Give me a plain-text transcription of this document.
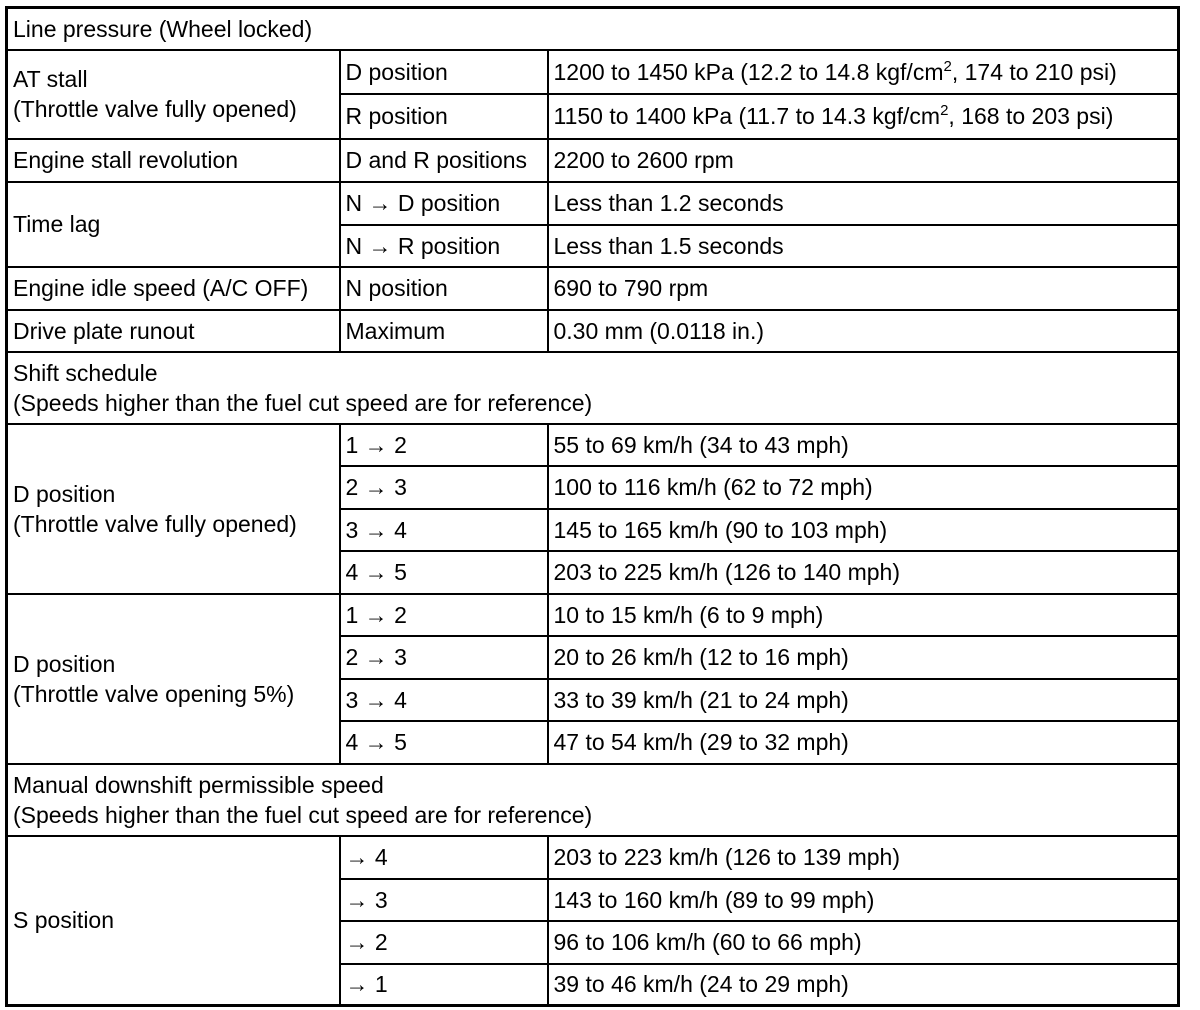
Line pressure (Wheel locked)		

AT stall
(Throttle valve fully opened)	D position	1200 to 1450 kPa (12.2 to 14.8 kgf/$cm^2$, 174 to 210 psi)
	R position	1150 to 1400 kPa (11.7 to 14.3 kgf/$cm^2$, 168 to 203 psi)
Engine stall revolution	D and R positions	2200 to 2600 rpm
Time lag	N → D position	Less than 1.2 seconds
	N → R position	Less than 1.5 seconds
Engine idle speed (A/C OFF)	N position	690 to 790 rpm
Drive plate runout	Maximum	0.30 mm (0.0118 in.)

Shift schedule
(Speeds higher than the fuel cut speed are for reference)		

D position
(Throttle valve fully opened)	1 → 2	55 to 69 km/h (34 to 43 mph)
	2 → 3	100 to 116 km/h (62 to 72 mph)
	3 → 4	145 to 165 km/h (90 to 103 mph)
	4 → 5	203 to 225 km/h (126 to 140 mph)

D position
(Throttle valve opening 5%)	1 → 2	10 to 15 km/h (6 to 9 mph)
	2 → 3	20 to 26 km/h (12 to 16 mph)
	3 → 4	33 to 39 km/h (21 to 24 mph)
	4 → 5	47 to 54 km/h (29 to 32 mph)

Manual downshift permissible speed
(Speeds higher than the fuel cut speed are for reference)		

S position	→ 4	203 to 223 km/h (126 to 139 mph)
	→ 3	143 to 160 km/h (89 to 99 mph)
	→ 2	96 to 106 km/h (60 to 66 mph)
	→ 1	39 to 46 km/h (24 to 29 mph)
